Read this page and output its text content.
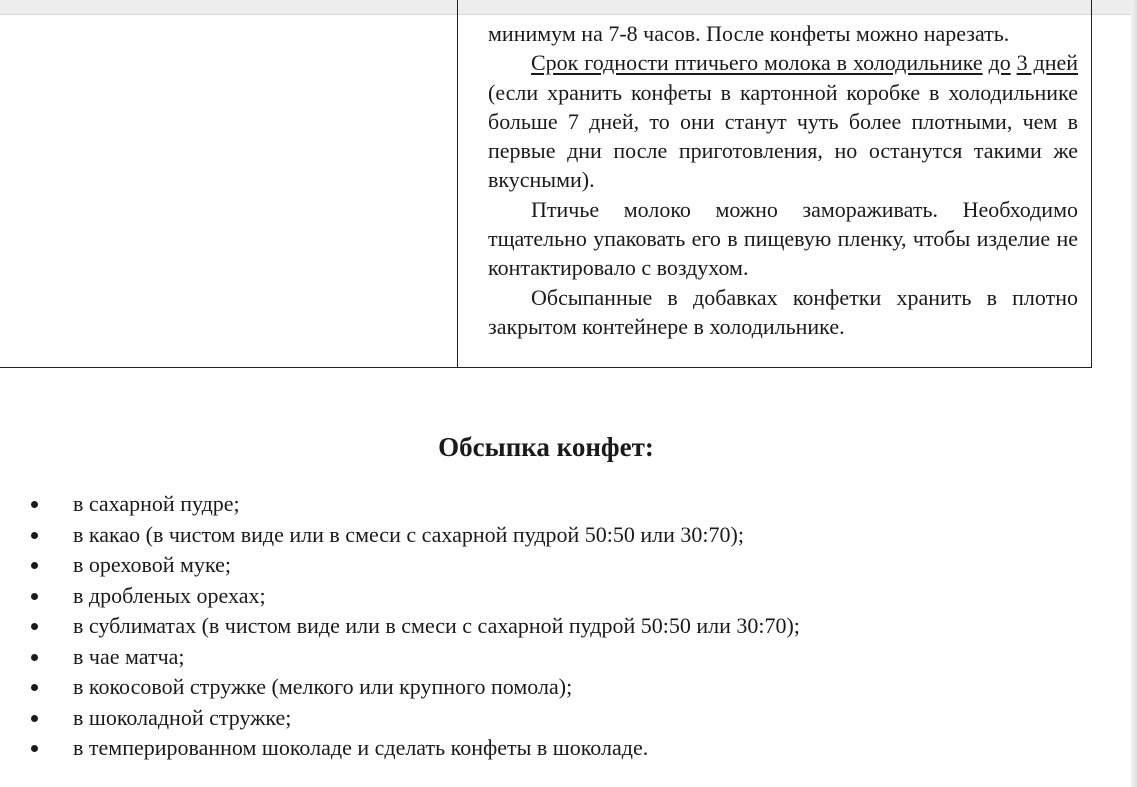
минимум на 7-8 часов. После конфеты можно нарезать.

Срок годности птичьего молока в холодильнике до 3 дней (если хранить конфеты в картонной коробке в холодильнике больше 7 дней, то они станут чуть более плотными, чем в первые дни после приготовления, но останутся такими же вкусными).

Птичье молоко можно замораживать. Необходимо тщательно упаковать его в пищевую пленку, чтобы изделие не контактировало с воздухом.

Обсыпанные в добавках конфетки хранить в плотно закрытом контейнере в холодильнике.

Обсыпка конфет:
в сахарной пудре;
в какао (в чистом виде или в смеси с сахарной пудрой 50:50 или 30:70);
в ореховой муке;
в дробленых орехах;
в сублиматах (в чистом виде или в смеси с сахарной пудрой 50:50 или 30:70);
в чае матча;
в кокосовой стружке (мелкого или крупного помола);
в шоколадной стружке;
в темперированном шоколаде и сделать конфеты в шоколаде.
